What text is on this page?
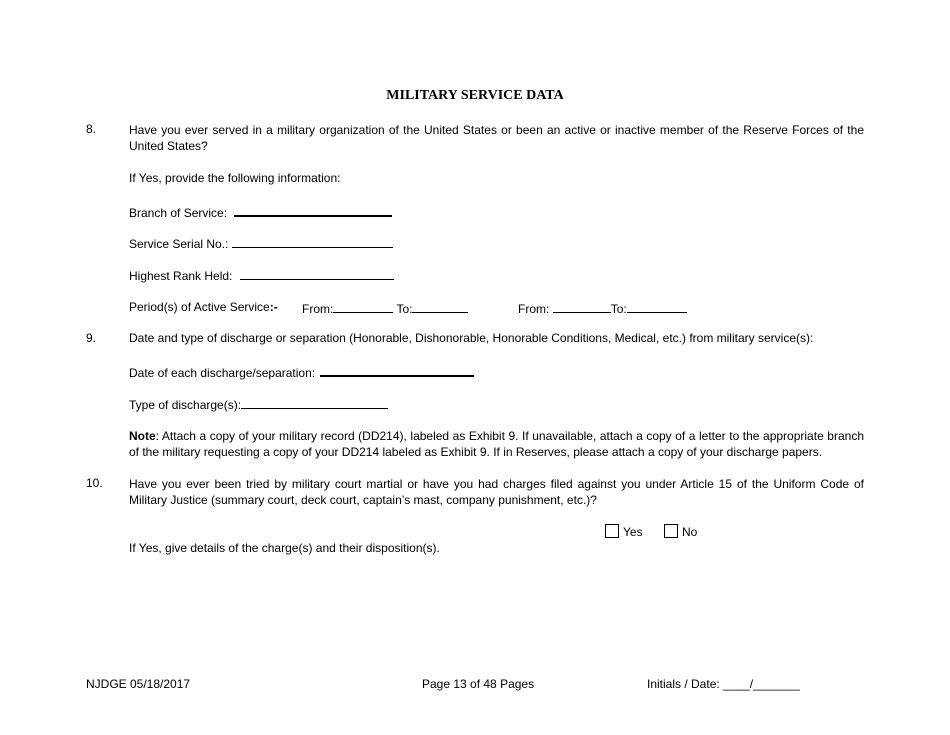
MILITARY SERVICE DATA
8.	Have you ever served in a military organization of the United States or been an active or inactive member of the Reserve Forces of the United States?
If Yes, provide the following information:
Branch of Service:
Service Serial No.:
Highest Rank Held:
Period(s) of Active Service:- From:	To:	From:	To:
9.	Date and type of discharge or separation (Honorable, Dishonorable, Honorable Conditions, Medical, etc.) from military service(s):
Date of each discharge/separation:
Type of discharge(s):
Note: Attach a copy of your military record (DD214), labeled as Exhibit 9. If unavailable, attach a copy of a letter to the appropriate branch of the military requesting a copy of your DD214 labeled as Exhibit 9. If in Reserves, please attach a copy of your discharge papers.
10. Have you ever been tried by military court martial or have you had charges filed against you under Article 15 of the Uniform Code of Military Justice (summary court, deck court, captain’s mast, company punishment, etc.)?
Yes	No
If Yes, give details of the charge(s) and their disposition(s).
NJDGE 05/18/2017	Page 13 of 48 Pages	Initials / Date: ____/_______
